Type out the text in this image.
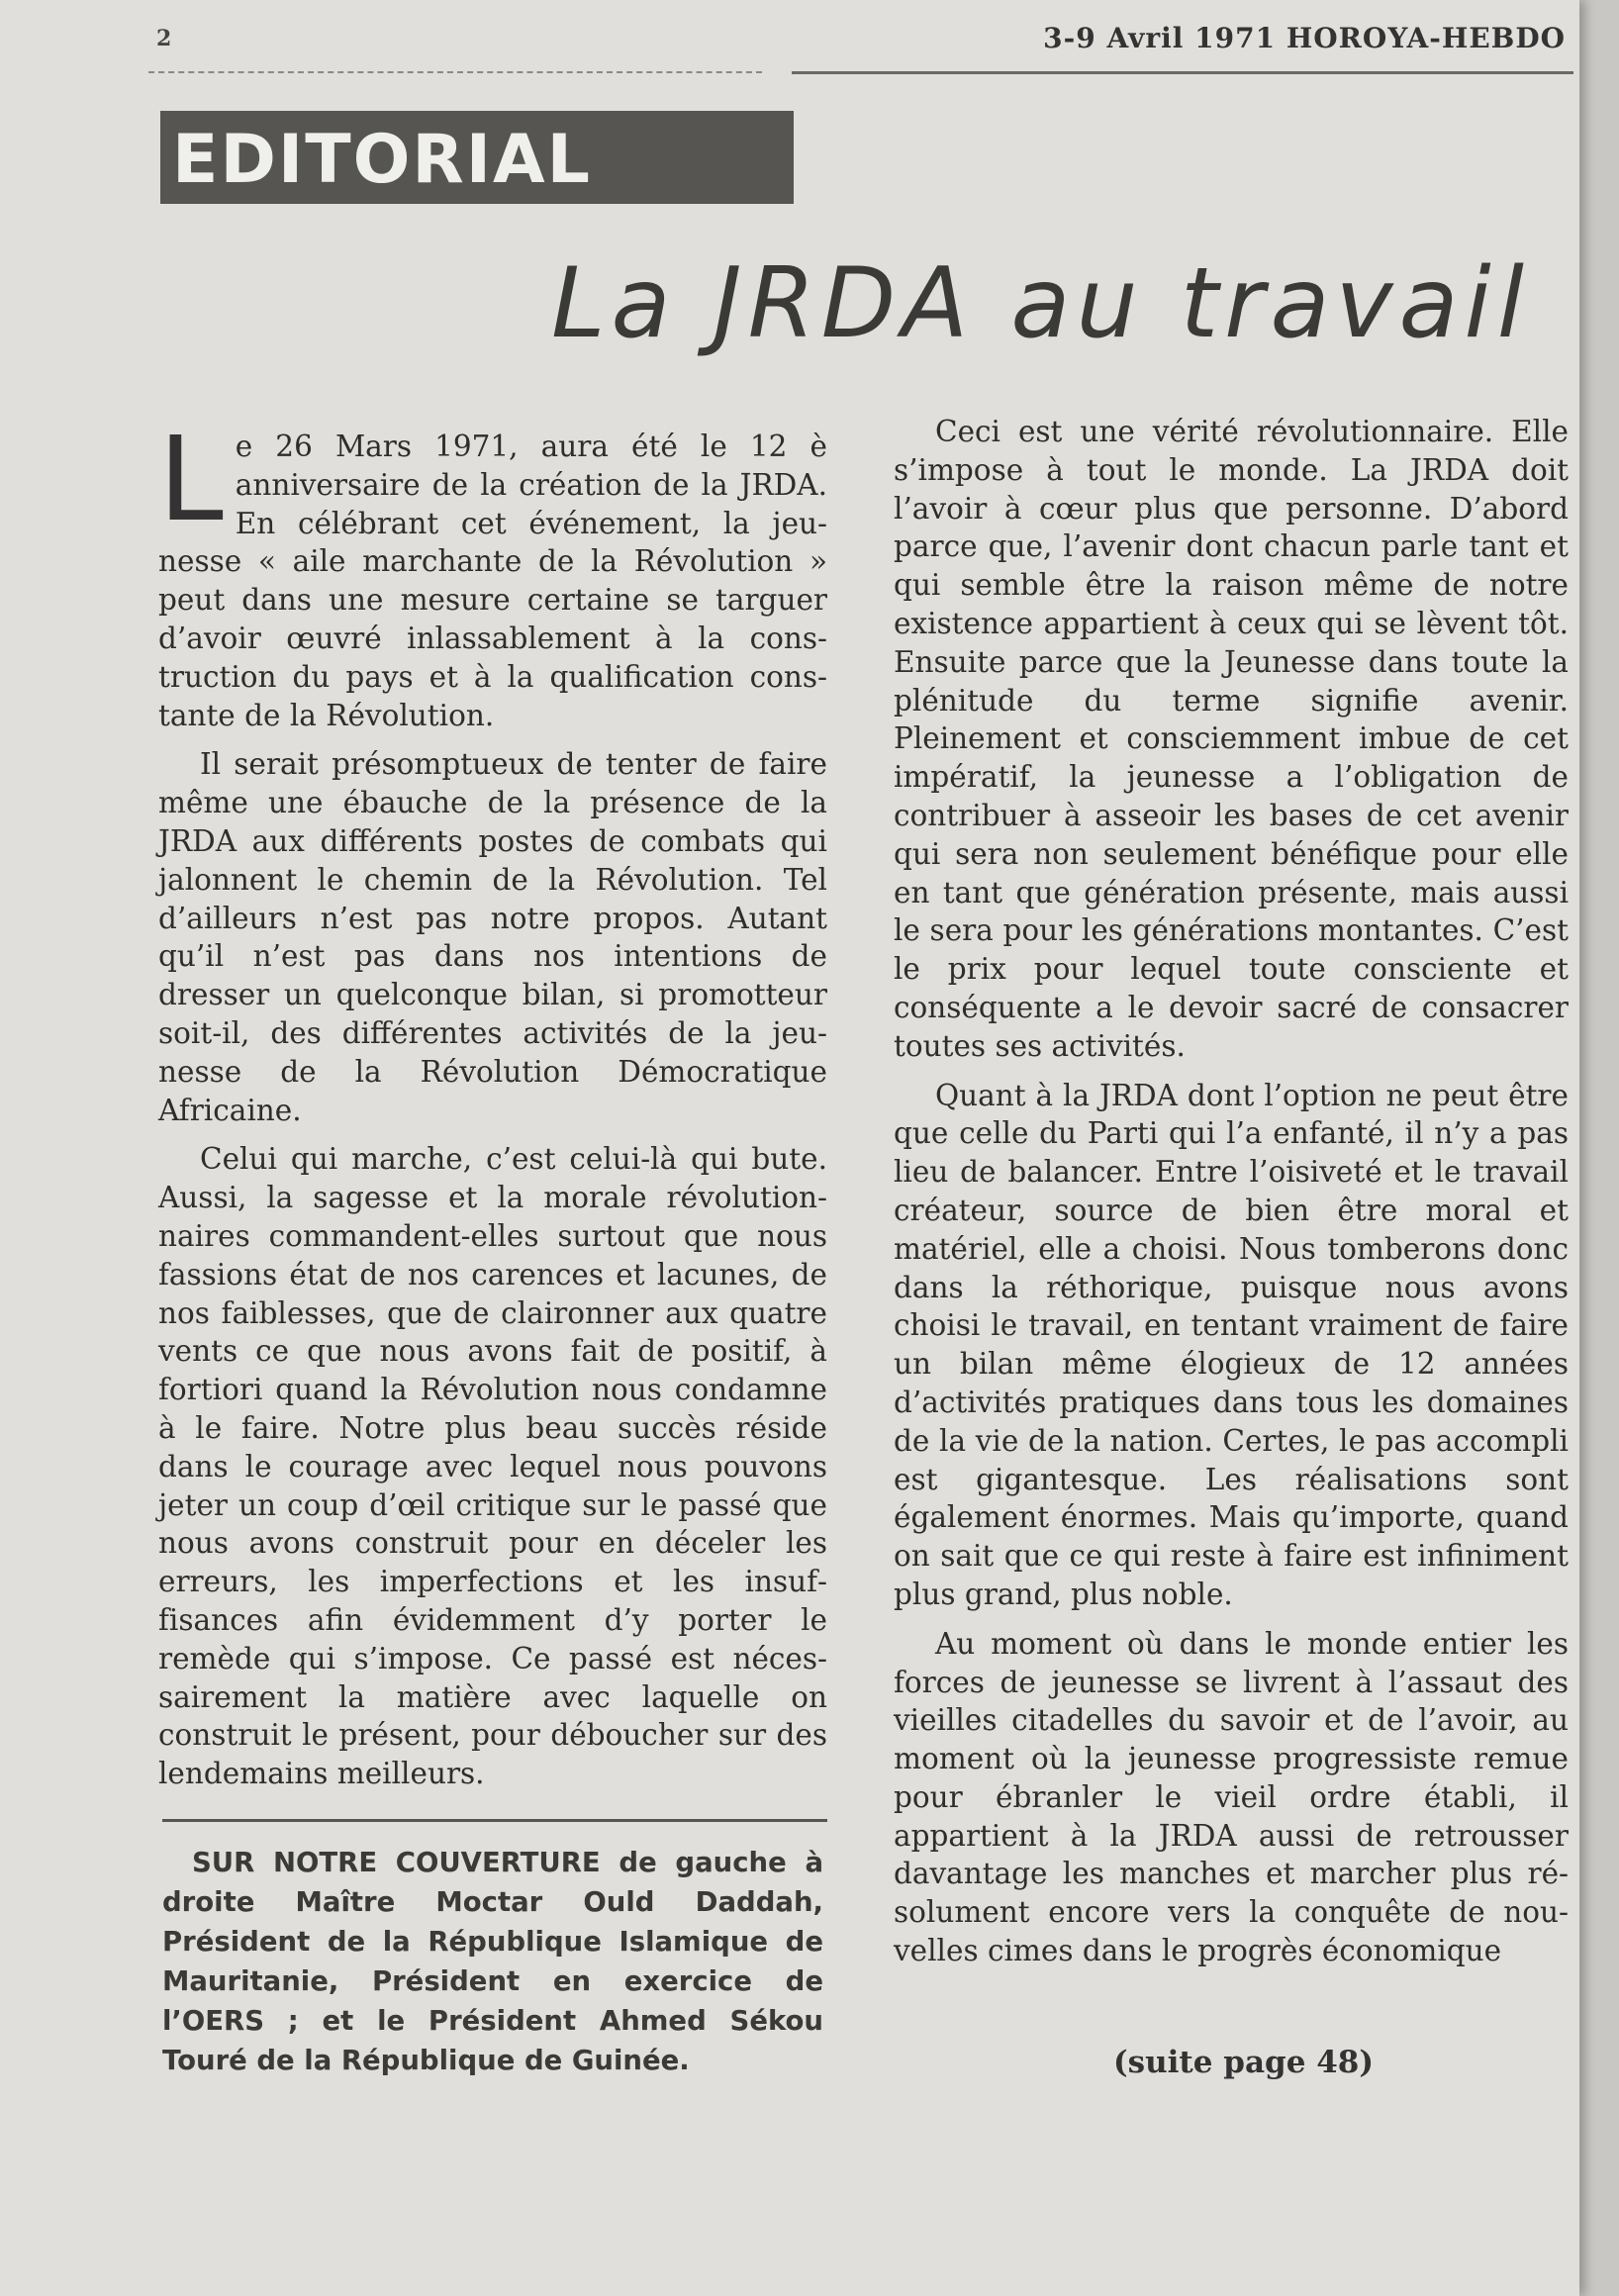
2	3-9 Avril 1971 HOROYA-HEBDO
EDITORIAL
La JRDA au travail

Le 26 Mars 1971, aura été le 12 è anniversaire de la création de la JRDA. En célébrant cet événement, la jeunesse « aile marchante de la Révolution » peut dans une mesure certaine se targuer d’avoir œuvré inlassablement à la construction du pays et à la qualification constante de la Révolution.

Il serait présomptueux de tenter de faire même une ébauche de la présence de la JRDA aux différents postes de combats qui jalonnent le chemin de la Révolution. Tel d’ailleurs n’est pas notre propos. Autant qu’il n’est pas dans nos intentions de dresser un quelconque bilan, si promotteur soit-il, des différentes activités de la jeunesse de la Révolution Démocratique Africaine.

Celui qui marche, c’est celui-là qui bute. Aussi, la sagesse et la morale révolutionnaires commandent-elles surtout que nous fassions état de nos carences et lacunes, de nos faiblesses, que de claironner aux quatre vents ce que nous avons fait de positif, à fortiori quand la Révolution nous condamne à le faire. Notre plus beau succès réside dans le courage avec lequel nous pouvons jeter un coup d’œil critique sur le passé que nous avons construit pour en déceler les erreurs, les imperfections et les insuffisances afin évidemment d’y porter le remède qui s’impose. Ce passé est nécessairement la matière avec laquelle on construit le présent, pour déboucher sur des lendemains meilleurs.

SUR NOTRE COUVERTURE de gauche à droite Maître Moctar Ould Daddah, Président de la République Islamique de Mauritanie, Président en exercice de l’OERS ; et le Président Ahmed Sékou Touré de la République de Guinée.

Ceci est une vérité révolutionnaire. Elle s’impose à tout le monde. La JRDA doit l’avoir à cœur plus que personne. D’abord parce que, l’avenir dont chacun parle tant et qui semble être la raison même de notre existence appartient à ceux qui se lèvent tôt. Ensuite parce que la Jeunesse dans toute la plénitude du terme signifie avenir. Pleinement et consciemment imbue de cet impératif, la jeunesse a l’obligation de contribuer à asseoir les bases de cet avenir qui sera non seulement bénéfique pour elle en tant que génération présente, mais aussi le sera pour les générations montantes. C’est le prix pour lequel toute consciente et conséquente a le devoir sacré de consacrer toutes ses activités.

Quant à la JRDA dont l’option ne peut être que celle du Parti qui l’a enfanté, il n’y a pas lieu de balancer. Entre l’oisiveté et le travail créateur, source de bien être moral et matériel, elle a choisi. Nous tomberons donc dans la réthorique, puisque nous avons choisi le travail, en tentant vraiment de faire un bilan même élogieux de 12 années d’activités pratiques dans tous les domaines de la vie de la nation. Certes, le pas accompli est gigantesque. Les réalisations sont également énormes. Mais qu’importe, quand on sait que ce qui reste à faire est infiniment plus grand, plus noble.

Au moment où dans le monde entier les forces de jeunesse se livrent à l’assaut des vieilles citadelles du savoir et de l’avoir, au moment où la jeunesse progressiste remue pour ébranler le vieil ordre établi, il appartient à la JRDA aussi de retrousser davantage les manches et marcher plus résolument encore vers la conquête de nouvelles cimes dans le progrès économique

(suite page 48)
